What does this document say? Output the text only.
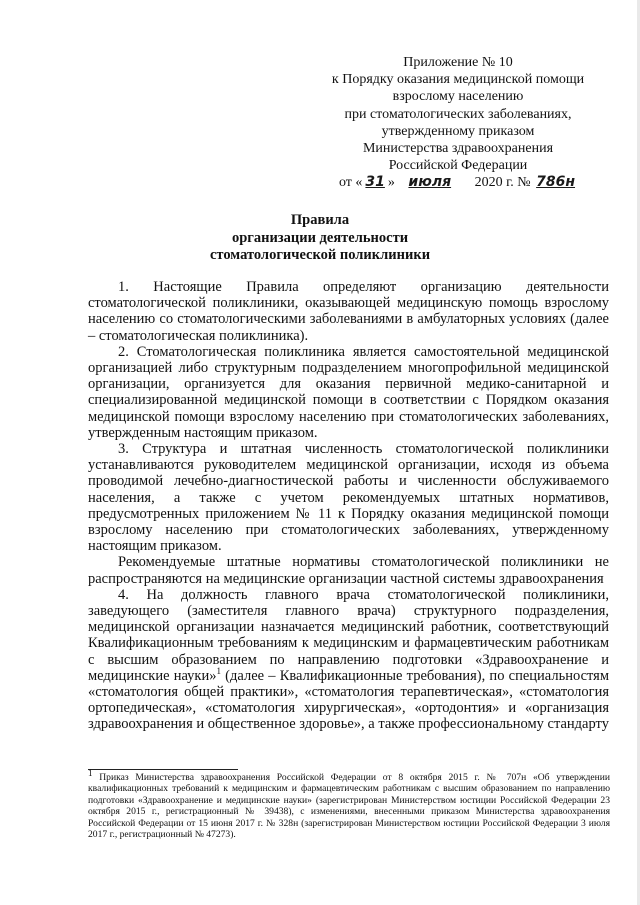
Приложение № 10
к Порядку оказания медицинской помощи
взрослому населению
при стоматологических заболеваниях,
утвержденному приказом
Министерства здравоохранения
Российской Федерации
от « 31 » июля 2020 г. № 786н
Правила
организации деятельности
стоматологической поликлиники

1. Настоящие Правила определяют организацию деятельности стоматологической поликлиники, оказывающей медицинскую помощь взрослому населению со стоматологическими заболеваниями в амбулаторных условиях (далее – стоматологическая поликлиника).

2. Стоматологическая поликлиника является самостоятельной медицинской организацией либо структурным подразделением многопрофильной медицинской организации, организуется для оказания первичной медико-санитарной и специализированной медицинской помощи в соответствии с Порядком оказания медицинской помощи взрослому населению при стоматологических заболеваниях, утвержденным настоящим приказом.

3. Структура и штатная численность стоматологической поликлиники устанавливаются руководителем медицинской организации, исходя из объема проводимой лечебно-диагностической работы и численности обслуживаемого населения, а также с учетом рекомендуемых штатных нормативов, предусмотренных приложением № 11 к Порядку оказания медицинской помощи взрослому населению при стоматологических заболеваниях, утвержденному настоящим приказом.

Рекомендуемые штатные нормативы стоматологической поликлиники не распространяются на медицинские организации частной системы здравоохранения

4. На должность главного врача стоматологической поликлиники, заведующего (заместителя главного врача) структурного подразделения, медицинской организации назначается медицинский работник, соответствующий Квалификационным требованиям к медицинским и фармацевтическим работникам с высшим образованием по направлению подготовки «Здравоохранение и медицинские науки»$^1$ (далее – Квалификационные требования), по специальностям «стоматология общей практики», «стоматология терапевтическая», «стоматология ортопедическая», «стоматология хирургическая», «ортодонтия» и «организация здравоохранения и общественное здоровье», а также профессиональному стандарту

$^1$ Приказ Министерства здравоохранения Российской Федерации от 8 октября 2015 г. № 707н «Об утверждении квалификационных требований к медицинским и фармацевтическим работникам с высшим образованием по направлению подготовки «Здравоохранение и медицинские науки» (зарегистрирован Министерством юстиции Российской Федерации 23 октября 2015 г., регистрационный № 39438), с изменениями, внесенными приказом Министерства здравоохранения Российской Федерации от 15 июня 2017 г. № 328н (зарегистрирован Министерством юстиции Российской Федерации 3 июля 2017 г., регистрационный № 47273).
